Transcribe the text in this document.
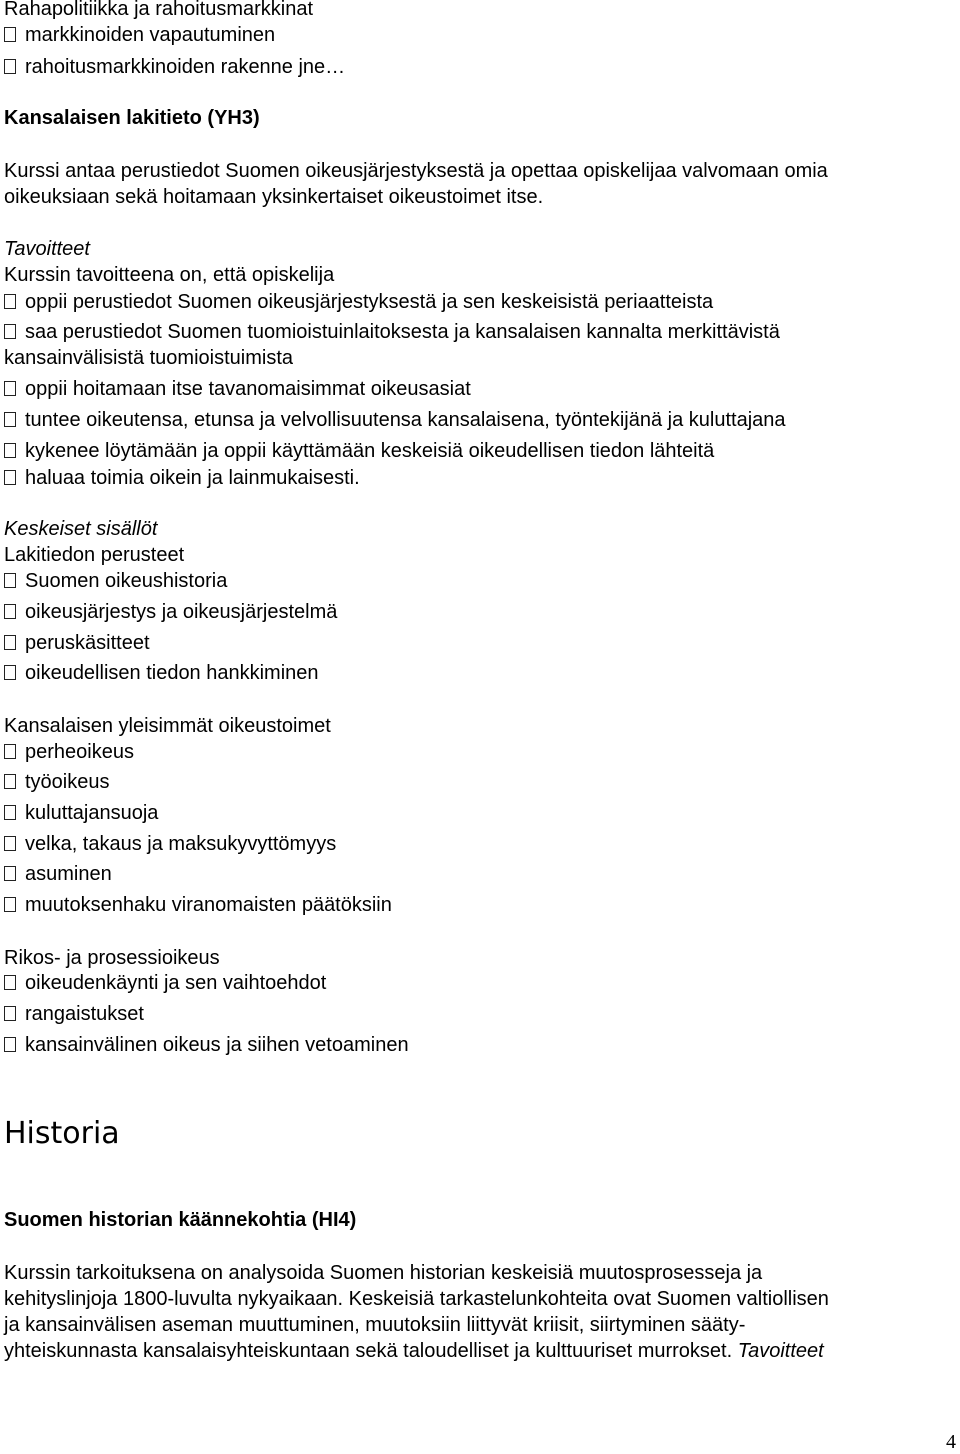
Rahapolitiikka ja rahoitusmarkkinat
markkinoiden vapautuminen
rahoitusmarkkinoiden rakenne jne…
Kansalaisen lakitieto (YH3)
Kurssi antaa perustiedot Suomen oikeusjärjestyksestä ja opettaa opiskelijaa valvomaan omia
oikeuksiaan sekä hoitamaan yksinkertaiset oikeustoimet itse.
Tavoitteet
Kurssin tavoitteena on, että opiskelija
oppii perustiedot Suomen oikeusjärjestyksestä ja sen keskeisistä periaatteista
saa perustiedot Suomen tuomioistuinlaitoksesta ja kansalaisen kannalta merkittävistä
kansainvälisistä tuomioistuimista
oppii hoitamaan itse tavanomaisimmat oikeusasiat
tuntee oikeutensa, etunsa ja velvollisuutensa kansalaisena, työntekijänä ja kuluttajana
kykenee löytämään ja oppii käyttämään keskeisiä oikeudellisen tiedon lähteitä
haluaa toimia oikein ja lainmukaisesti.
Keskeiset sisällöt
Lakitiedon perusteet
Suomen oikeushistoria
oikeusjärjestys ja oikeusjärjestelmä
peruskäsitteet
oikeudellisen tiedon hankkiminen
Kansalaisen yleisimmät oikeustoimet
perheoikeus
työoikeus
kuluttajansuoja
velka, takaus ja maksukyvyttömyys
asuminen
muutoksenhaku viranomaisten päätöksiin
Rikos- ja prosessioikeus
oikeudenkäynti ja sen vaihtoehdot
rangaistukset
kansainvälinen oikeus ja siihen vetoaminen
Historia
Suomen historian käännekohtia (HI4)
Kurssin tarkoituksena on analysoida Suomen historian keskeisiä muutosprosesseja ja
kehityslinjoja 1800-luvulta nykyaikaan. Keskeisiä tarkastelunkohteita ovat Suomen valtiollisen
ja kansainvälisen aseman muuttuminen, muutoksiin liittyvät kriisit, siirtyminen sääty-
yhteiskunnasta kansalaisyhteiskuntaan sekä taloudelliset ja kulttuuriset murrokset. Tavoitteet
4
